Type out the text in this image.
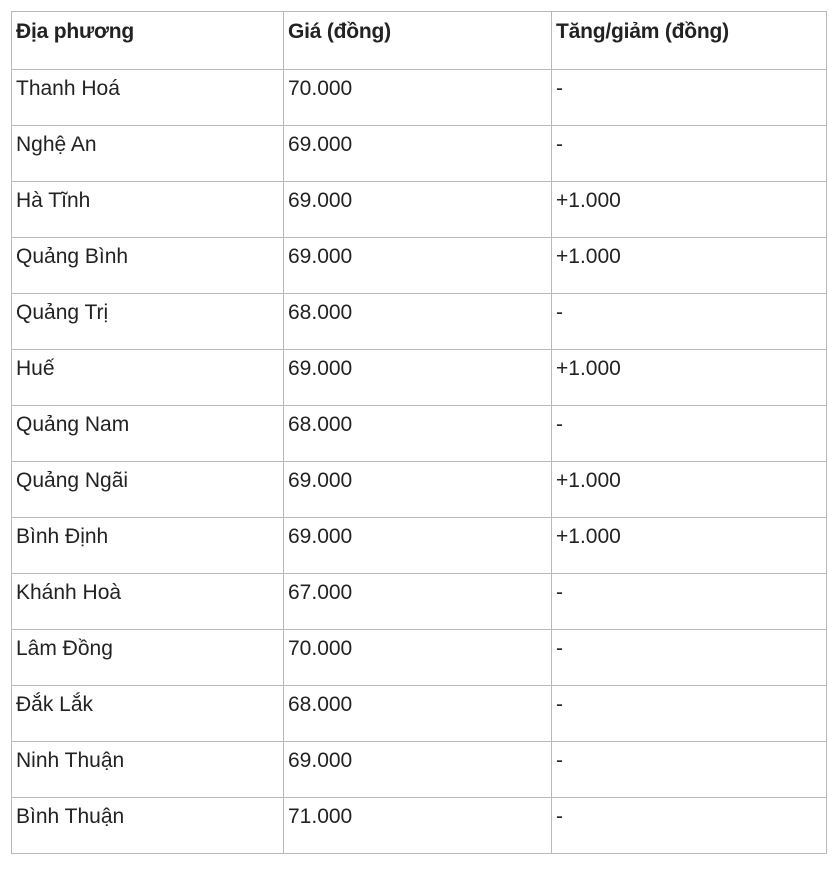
Địa phương	Giá (đồng)	Tăng/giảm (đồng)
Thanh Hoá	70.000	-
Nghệ An	69.000	-
Hà Tĩnh	69.000	+1.000
Quảng Bình	69.000	+1.000
Quảng Trị	68.000	-
Huế	69.000	+1.000
Quảng Nam	68.000	-
Quảng Ngãi	69.000	+1.000
Bình Định	69.000	+1.000
Khánh Hoà	67.000	-
Lâm Đồng	70.000	-
Đắk Lắk	68.000	-
Ninh Thuận	69.000	-
Bình Thuận	71.000	-
